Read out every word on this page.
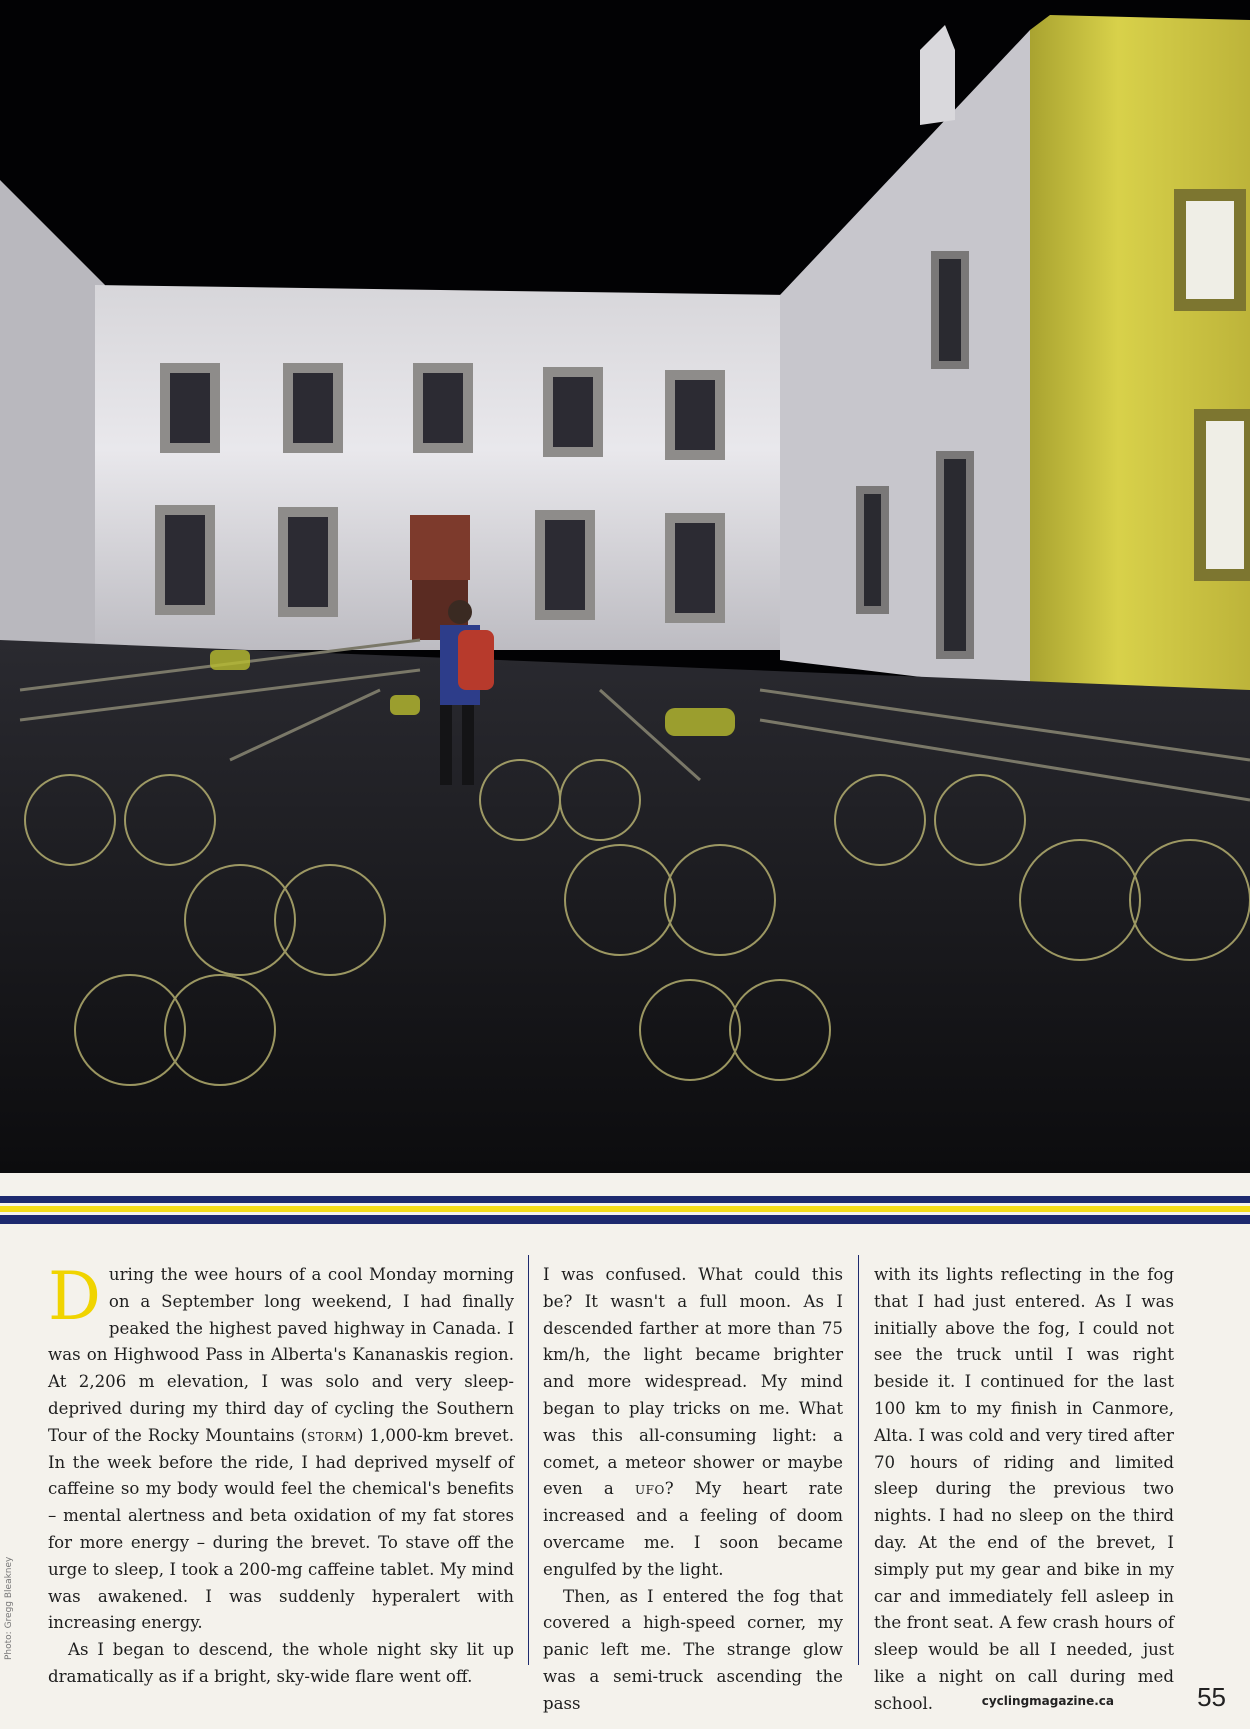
During the wee hours of a cool Monday morning on a September long weekend, I had finally peaked the highest paved highway in Canada. I was on Highwood Pass in Alberta's Kananaskis region. At 2,206 m elevation, I was solo and very sleep-deprived during my third day of cycling the Southern Tour of the Rocky Mountains (storm) 1,000-km brevet. In the week before the ride, I had deprived myself of caffeine so my body would feel the chemical's benefits – mental alertness and beta oxidation of my fat stores for more energy – during the brevet. To stave off the urge to sleep, I took a 200-mg caffeine tablet. My mind was awakened. I was suddenly hyperalert with increasing energy.

As I began to descend, the whole night sky lit up dramatically as if a bright, sky-wide flare went off.

I was confused. What could this be? It wasn't a full moon. As I descended farther at more than 75 km/h, the light became brighter and more widespread. My mind began to play tricks on me. What was this all-consuming light: a comet, a meteor shower or maybe even a ufo? My heart rate increased and a feeling of doom overcame me. I soon became engulfed by the light.

Then, as I entered the fog that covered a high-speed corner, my panic left me. The strange glow was a semi-truck ascending the pass

with its lights reflecting in the fog that I had just entered. As I was initially above the fog, I could not see the truck until I was right beside it. I continued for the last 100 km to my finish in Canmore, Alta. I was cold and very tired after 70 hours of riding and limited sleep during the previous two nights. I had no sleep on the third day. At the end of the brevet, I simply put my gear and bike in my car and immediately fell asleep in the front seat. A few crash hours of sleep would be all I needed, just like a night on call during med school.

Photo: Gregg Bleakney
cyclingmagazine.ca	55
